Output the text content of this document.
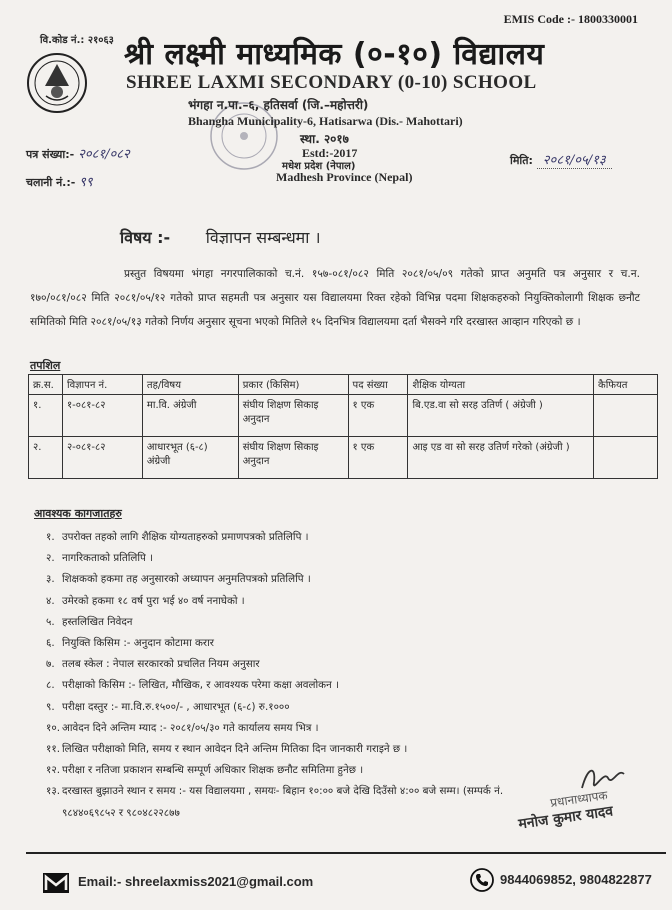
EMIS Code :- 1800330001
वि.कोड नं.: २१०६३ श्री लक्ष्मी माध्यमिक (०-१०) विद्यालय
SHREE LAXMI SECONDARY (0-10) SCHOOL
भंगहा न.पा.–६, हतिसर्वा (जि.–महोत्तरी)
Bhangha Municipality-6, Hatisarwa (Dis.- Mahottari)
स्था. २०१७
Estd:-2017
मधेश प्रदेश (नेपाल)
Madhesh Province (Nepal)
पत्र संख्या:- २०८१/०८२
चलानी नं.:- ९९
मिति: २०८१/०५/१३
विषय :- विज्ञापन सम्बन्धमा ।
प्रस्तुत विषयमा भंगहा नगरपालिकाको च.नं. १५७-०८१/०८२ मिति २०८१/०५/०९ गतेको प्राप्त अनुमति पत्र अनुसार र च.न. १७०/०८१/०८२ मिति २०८१/०५/१२ गतेको प्राप्त सहमती पत्र अनुसार यस विद्यालयमा रिक्त रहेको विभिन्न पदमा शिक्षकहरुको नियुक्तिकोलागी शिक्षक छनौट समितिको मिति २०८१/०५/१३ गतेको निर्णय अनुसार सूचना भएको मितिले १५ दिनभित्र विद्यालयमा दर्ता भैसक्ने गरि दरखास्त आव्हान गरिएको छ ।
तपशिल
क्र.स.	विज्ञापन नं.	तह/विषय	प्रकार (किसिम)	पद संख्या	शैक्षिक योग्यता	कैफियत
१.	१-०८१-८२	मा.वि. अंग्रेजी	संघीय शिक्षण सिकाइ अनुदान	१ एक	बि.एड.वा सो सरह उतिर्ण ( अंग्रेजी )	
२.	२-०८१-८२	आधारभूत (६-८) अंग्रेजी	संघीय शिक्षण सिकाइ अनुदान	१ एक	आइ एड वा सो सरह उतिर्ण गरेको (अंग्रेजी )	
आवश्यक कागजातहरु
१. उपरोक्त तहको लागि शैक्षिक योग्यताहरुको प्रमाणपत्रको प्रतिलिपि ।
२. नागरिकताको प्रतिलिपि ।
३. शिक्षकको हकमा तह अनुसारको अध्यापन अनुमतिपत्रको प्रतिलिपि ।
४. उमेरको हकमा १८ वर्ष पुरा भई ४० वर्ष ननाघेको ।
५. हस्तलिखित निवेदन
६. नियुक्ति किसिम :- अनुदान कोटामा करार
७. तलब स्केल : नेपाल सरकारको प्रचलित नियम अनुसार
८. परीक्षाको किसिम :- लिखित, मौखिक, र आवश्यक परेमा कक्षा अवलोकन ।
९. परीक्षा दस्तुर :- मा.वि.रु.१५००/- , आधारभूत (६-८) रु.१०००
१०. आवेदन दिने अन्तिम म्याद :- २०८१/०५/३० गते कार्यालय समय भित्र ।
११. लिखित परीक्षाको मिति, समय र स्थान आवेदन दिने अन्तिम मितिका दिन जानकारी गराइने छ ।
१२. परीक्षा र नतिजा प्रकाशन सम्बन्धि सम्पूर्ण अधिकार शिक्षक छनौट समितिमा हुनेछ ।
१३. दरखास्त बुझाउने स्थान र समय :- यस विद्यालयमा , समयः- बिहान १०:०० बजे देखि दिउँसो ४:०० बजे सम्म। (सम्पर्क नं.
९८४४०६९८५२ र ९८०४८२२८७७
प्रधानाध्यापक
मनोज कुमार यादव
Email:- shreelaxmiss2021@gmail.com	9844069852, 9804822877
